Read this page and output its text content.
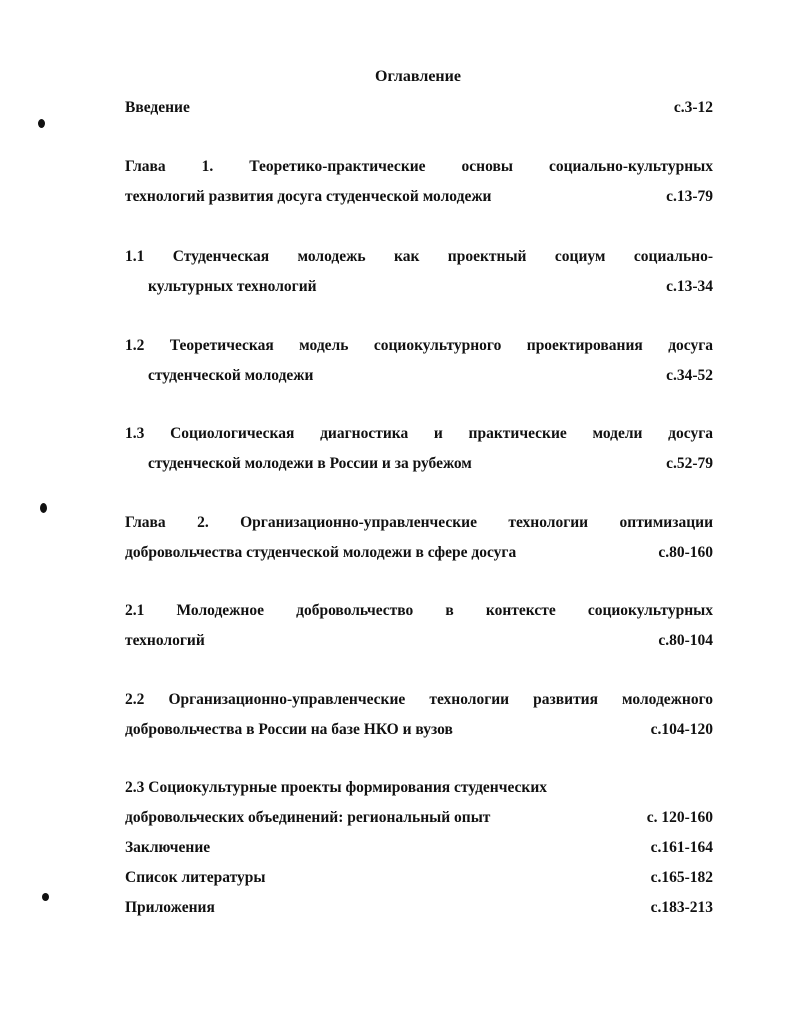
Оглавление
Введение	с.3-12
Глава 1. Теоретико-практические основы социально-культурных
технологий развития досуга студенческой молодежи	с.13-79
1.1 Студенческая молодежь как проектный социум социально-
культурных технологий	с.13-34
1.2 Теоретическая модель социокультурного проектирования досуга
студенческой молодежи	с.34-52
1.3 Социологическая диагностика и практические модели досуга
студенческой молодежи в России и за рубежом	с.52-79
Глава 2. Организационно-управленческие технологии оптимизации
добровольчества студенческой молодежи в сфере досуга	с.80-160
2.1 Молодежное добровольчество в контексте социокультурных
технологий	с.80-104
2.2 Организационно-управленческие технологии развития молодежного
добровольчества в России на базе НКО и вузов	с.104-120
2.3 Социокультурные проекты формирования студенческих
добровольческих объединений: региональный опыт	с. 120-160
Заключение	с.161-164
Список литературы	с.165-182
Приложения	с.183-213
